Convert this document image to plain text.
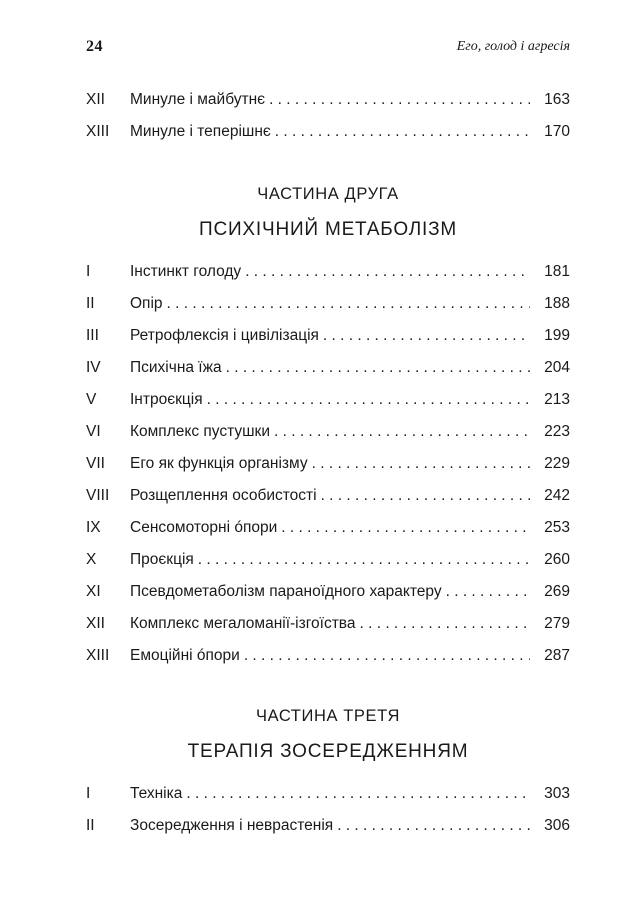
24	Его, голод і агресія
XII	Минуле і майбутнє .....	163
XIII	Минуле і теперішнє .....	170
ЧАСТИНА ДРУГА
ПСИХІЧНИЙ МЕТАБОЛІЗМ
I	Інстинкт голоду .....	181
II	Опір .....	188
III	Ретрофлексія і цивілізація .....	199
IV	Психічна їжа .....	204
V	Інтроєкція .....	213
VI	Комплекс пустушки .....	223
VII	Его як функція організму .....	229
VIII	Розщеплення особистості .....	242
IX	Сенсомоторні óпори .....	253
X	Проєкція .....	260
XI	Псевдометаболізм параноїдного характеру .....	269
XII	Комплекс мегаломанії-ізгоїства .....	279
XIII	Емоційні óпори .....	287
ЧАСТИНА ТРЕТЯ
ТЕРАПІЯ ЗОСЕРЕДЖЕННЯМ
I	Техніка .....	303
II	Зосередження і неврастенія .....	306
